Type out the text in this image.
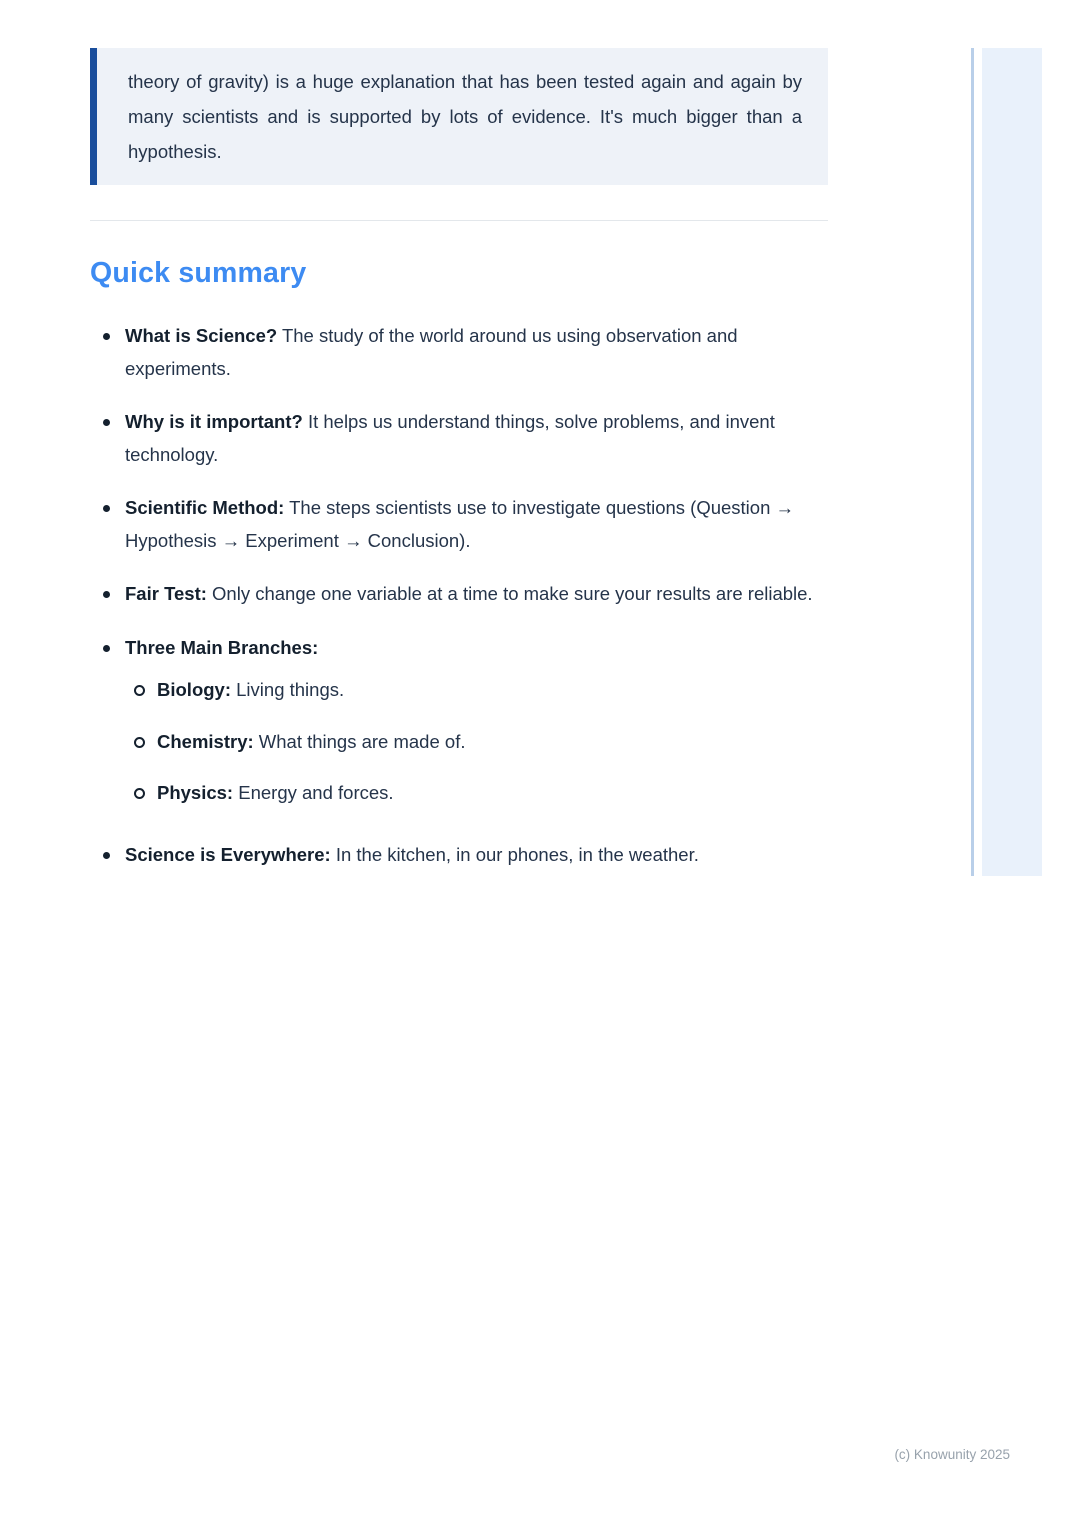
theory of gravity) is a huge explanation that has been tested again and again by many scientists and is supported by lots of evidence. It's much bigger than a hypothesis.
Quick summary
What is Science? The study of the world around us using observation and experiments.
Why is it important? It helps us understand things, solve problems, and invent technology.
Scientific Method: The steps scientists use to investigate questions (Question → Hypothesis → Experiment → Conclusion).
Fair Test: Only change one variable at a time to make sure your results are reliable.
Three Main Branches:
Biology: Living things.
Chemistry: What things are made of.
Physics: Energy and forces.
Science is Everywhere: In the kitchen, in our phones, in the weather.
(c) Knowunity 2025
